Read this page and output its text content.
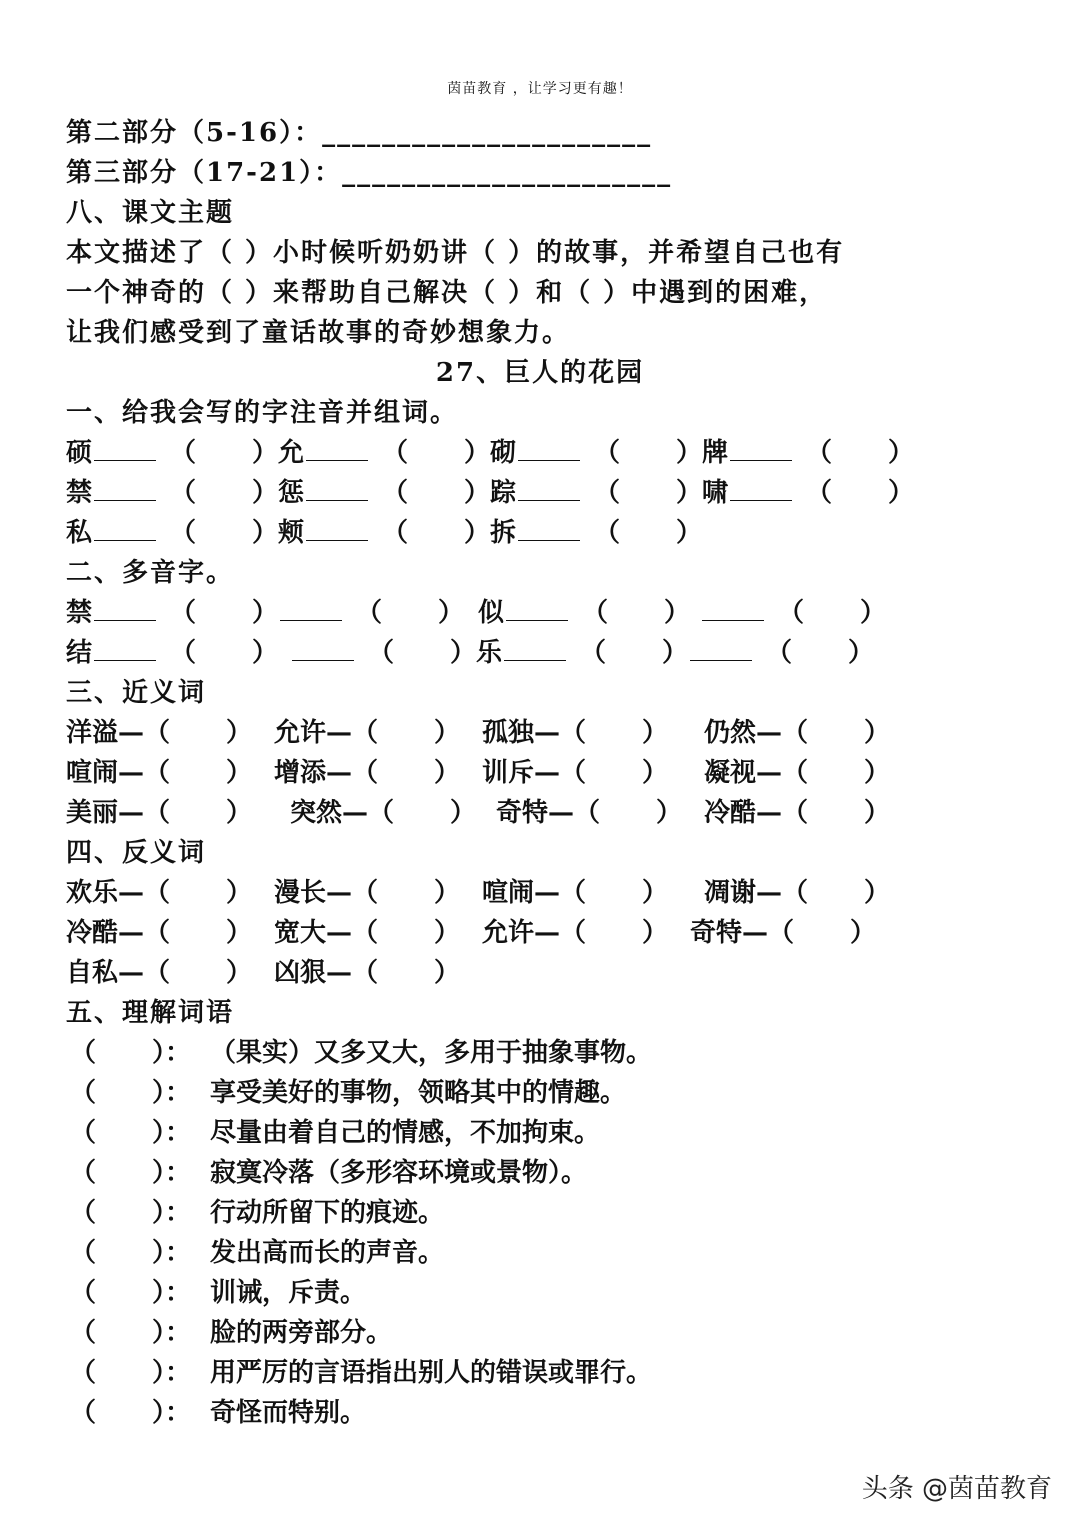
茵苗教育 ，让学习更有趣！
第二部分（5-16）：______________________
第三部分（17-21）：______________________
八、课文主题
本文描述了（ ）小时候听奶奶讲（ ）的故事，并希望自己也有
一个神奇的（ ）来帮助自己解决（ ）和（ ）中遇到的困难，
让我们感受到了童话故事的奇妙想象力。
27、巨人的花园
一、给我会写的字注音并组词。
硕	（ ） 允	（ ） 砌	（ ） 牌	（ ）
禁	（ ） 惩	（ ） 踪	（ ） 啸	（ ）
私	（ ） 颊	（ ） 拆	（ ）
二、多音字。
禁	（ ）	（ ） 似	（ ）	（ ）
结	（ ）	（ ） 乐	（ ）	（ ）
三、近义词
洋溢—（ ） 允许—（ ） 孤独—（ ） 仍然—（ ）
喧闹—（ ） 增添—（ ） 训斥—（ ） 凝视—（ ）
美丽—（ ） 突然—（ ） 奇特—（ ） 冷酷—（ ）
四、反义词
欢乐—（ ） 漫长—（ ） 喧闹—（ ） 凋谢—（ ）
冷酷—（ ） 宽大—（ ） 允许—（ ） 奇特—（ ）
自私—（ ） 凶狠—（ ）
五、理解词语
（ ）： （果实）又多又大，多用于抽象事物。
（ ）： 享受美好的事物，领略其中的情趣。
（ ）： 尽量由着自己的情感，不加拘束。
（ ）： 寂寞冷落（多形容环境或景物）。
（ ）： 行动所留下的痕迹。
（ ）： 发出高而长的声音。
（ ）： 训诫，斥责。
（ ）： 脸的两旁部分。
（ ）： 用严厉的言语指出别人的错误或罪行。
（ ）： 奇怪而特别。
头条 @茵苗教育
